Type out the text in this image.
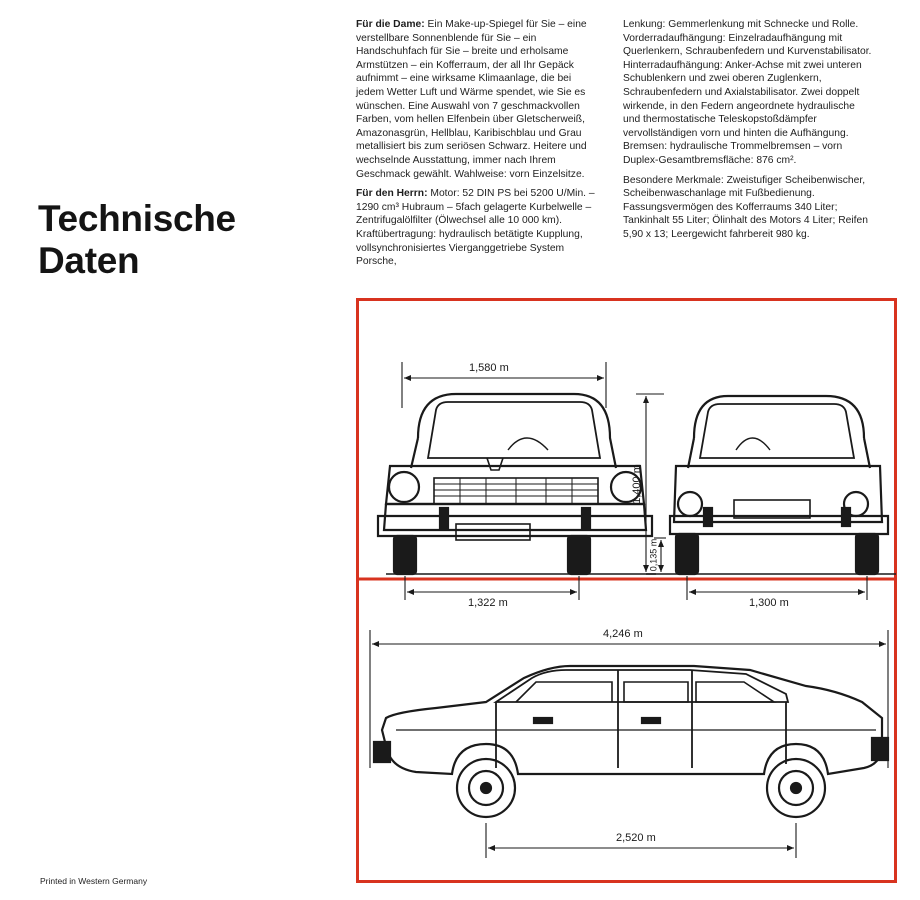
Technische
Daten

Für die Dame: Ein Make-up-Spiegel für Sie – eine verstellbare Sonnenblende für Sie – ein Handschuhfach für Sie – breite und erholsame Armstützen – ein Kofferraum, der all Ihr Gepäck aufnimmt – eine wirksame Klimaanlage, die bei jedem Wetter Luft und Wärme spendet, wie Sie es wünschen. Eine Auswahl von 7 geschmackvollen Farben, vom hellen Elfenbein über Gletscherweiß, Amazonasgrün, Hellblau, Karibischblau und Grau metallisiert bis zum seriösen Schwarz. Heitere und wechselnde Ausstattung, immer nach Ihrem Geschmack gewählt. Wahlweise: vorn Einzelsitze.

Für den Herrn: Motor: 52 DIN PS bei 5200 U/Min. – 1290 cm³ Hubraum – 5fach gelagerte Kurbelwelle – Zentrifugalölfilter (Ölwechsel alle 10 000 km). Kraftübertragung: hydraulisch betätigte Kupplung, vollsynchronisiertes Vierganggetriebe System Porsche,

Lenkung: Gemmerlenkung mit Schnecke und Rolle. Vorderradaufhängung: Einzelradaufhängung mit Querlenkern, Schraubenfedern und Kurvenstabilisator. Hinterradaufhängung: Anker-Achse mit zwei unteren Schublenkern und zwei oberen Zuglenkern, Schraubenfedern und Axialstabilisator. Zwei doppelt wirkende, in den Federn angeordnete hydraulische und thermostatische Teleskopstoßdämpfer vervollständigen vorn und hinten die Aufhängung. Bremsen: hydraulische Trommelbremsen – vorn Duplex-Gesamtbremsfläche: 876 cm².

Besondere Merkmale: Zweistufiger Scheibenwischer, Scheibenwaschanlage mit Fußbedienung. Fassungsvermögen des Kofferraums 340 Liter; Tankinhalt 55 Liter; Ölinhalt des Motors 4 Liter; Reifen 5,90 x 13; Leergewicht fahrbereit 980 kg.

1,580 m
1,400 m
0,135 m
1,322 m	1,300 m
4,246 m
2,520 m
Printed in Western Germany
